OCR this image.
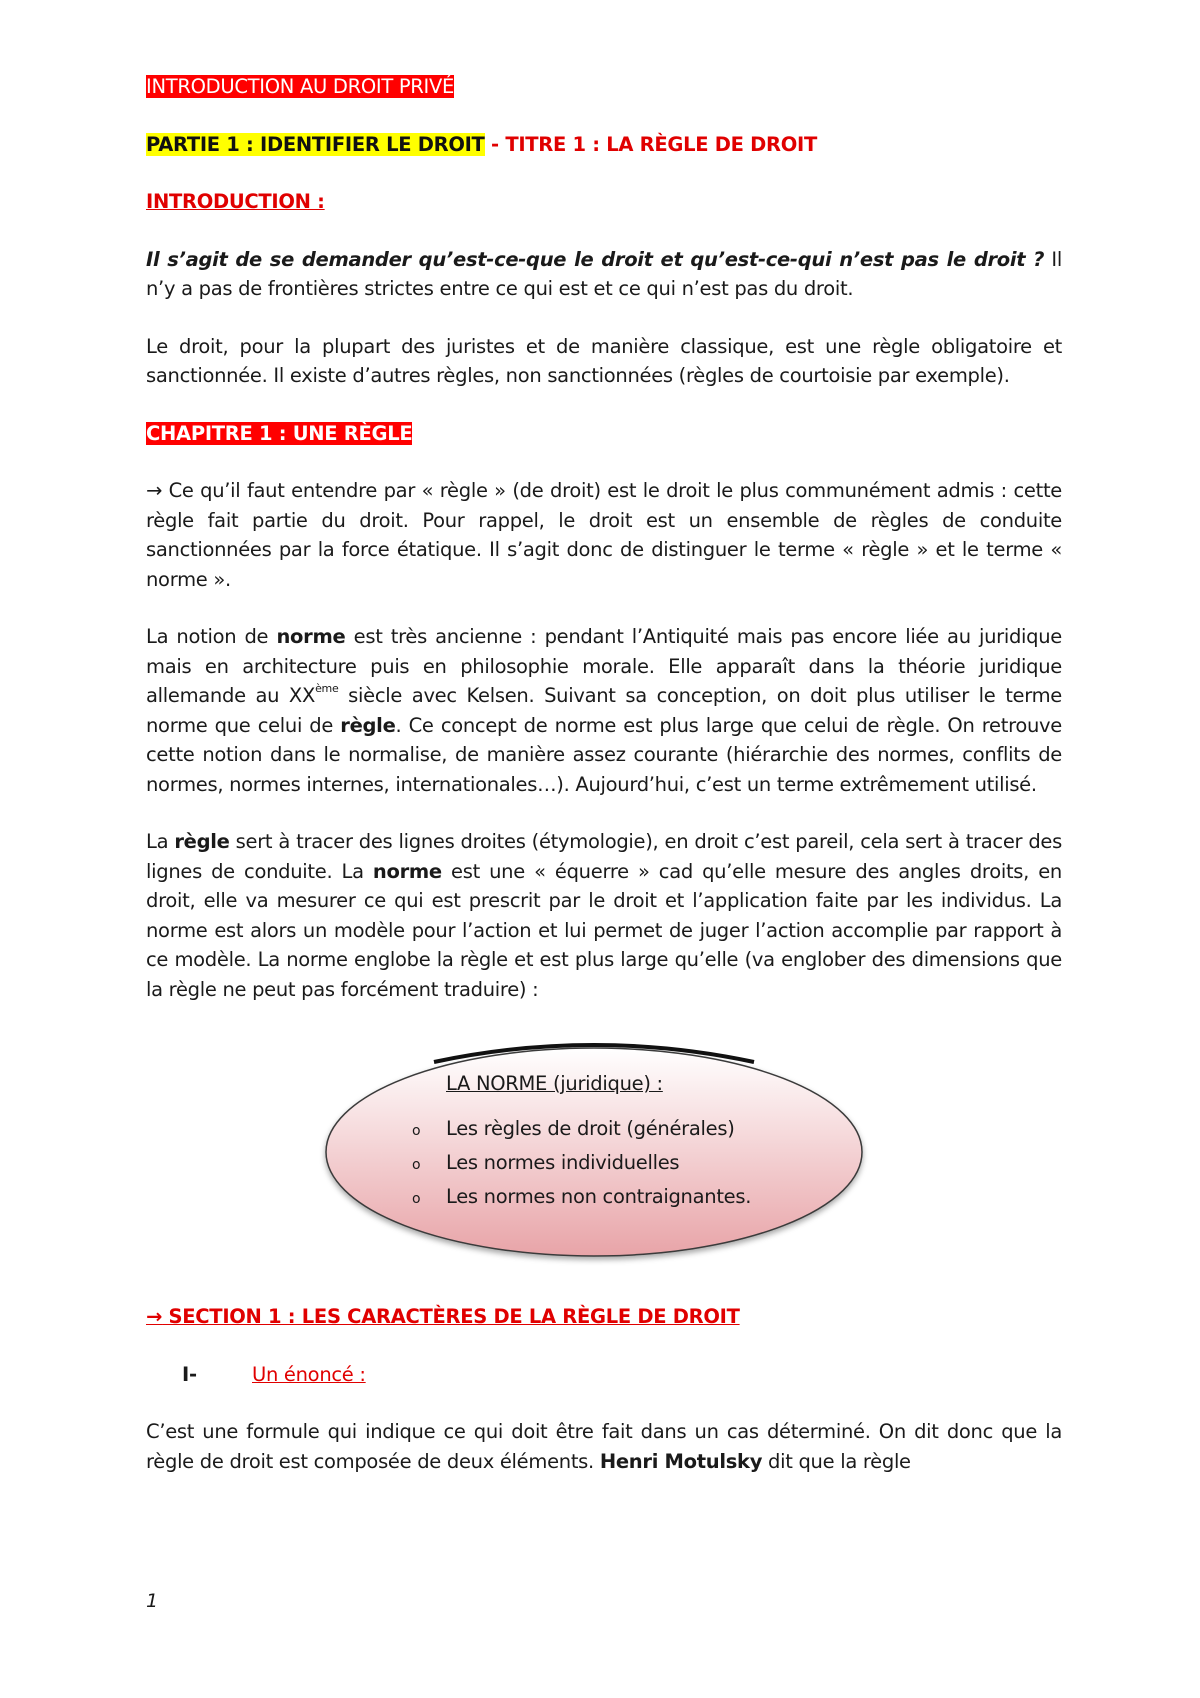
INTRODUCTION AU DROIT PRIVÉ

PARTIE 1 : IDENTIFIER LE DROIT - TITRE 1 : LA RÈGLE DE DROIT

INTRODUCTION :

Il s’agit de se demander qu’est-ce-que le droit et qu’est-ce-qui n’est pas le droit ? Il n’y a pas de frontières strictes entre ce qui est et ce qui n’est pas du droit.

Le droit, pour la plupart des juristes et de manière classique, est une règle obligatoire et sanctionnée. Il existe d’autres règles, non sanctionnées (règles de courtoisie par exemple).

CHAPITRE 1 : UNE RÈGLE

→ Ce qu’il faut entendre par « règle » (de droit) est le droit le plus communément admis : cette règle fait partie du droit. Pour rappel, le droit est un ensemble de règles de conduite sanctionnées par la force étatique. Il s’agit donc de distinguer le terme « règle » et le terme « norme ».

La notion de norme est très ancienne : pendant l’Antiquité mais pas encore liée au juridique mais en architecture puis en philosophie morale. Elle apparaît dans la théorie juridique allemande au XXème siècle avec Kelsen. Suivant sa conception, on doit plus utiliser le terme norme que celui de règle. Ce concept de norme est plus large que celui de règle. On retrouve cette notion dans le normalise, de manière assez courante (hiérarchie des normes, conflits de normes, normes internes, internationales…). Aujourd’hui, c’est un terme extrêmement utilisé.

La règle sert à tracer des lignes droites (étymologie), en droit c’est pareil, cela sert à tracer des lignes de conduite. La norme est une « équerre » cad qu’elle mesure des angles droits, en droit, elle va mesurer ce qui est prescrit par le droit et l’application faite par les individus. La norme est alors un modèle pour l’action et lui permet de juger l’action accomplie par rapport à ce modèle. La norme englobe la règle et est plus large qu’elle (va englober des dimensions que la règle ne peut pas forcément traduire) :

LA NORME (juridique) :
o	Les règles de droit (générales)
o	Les normes individuelles
o	Les normes non contraignantes.

→ SECTION 1 : LES CARACTÈRES DE LA RÈGLE DE DROIT

I-	Un énoncé :

C’est une formule qui indique ce qui doit être fait dans un cas déterminé. On dit donc que la règle de droit est composée de deux éléments. Henri Motulsky dit que la règle

1
